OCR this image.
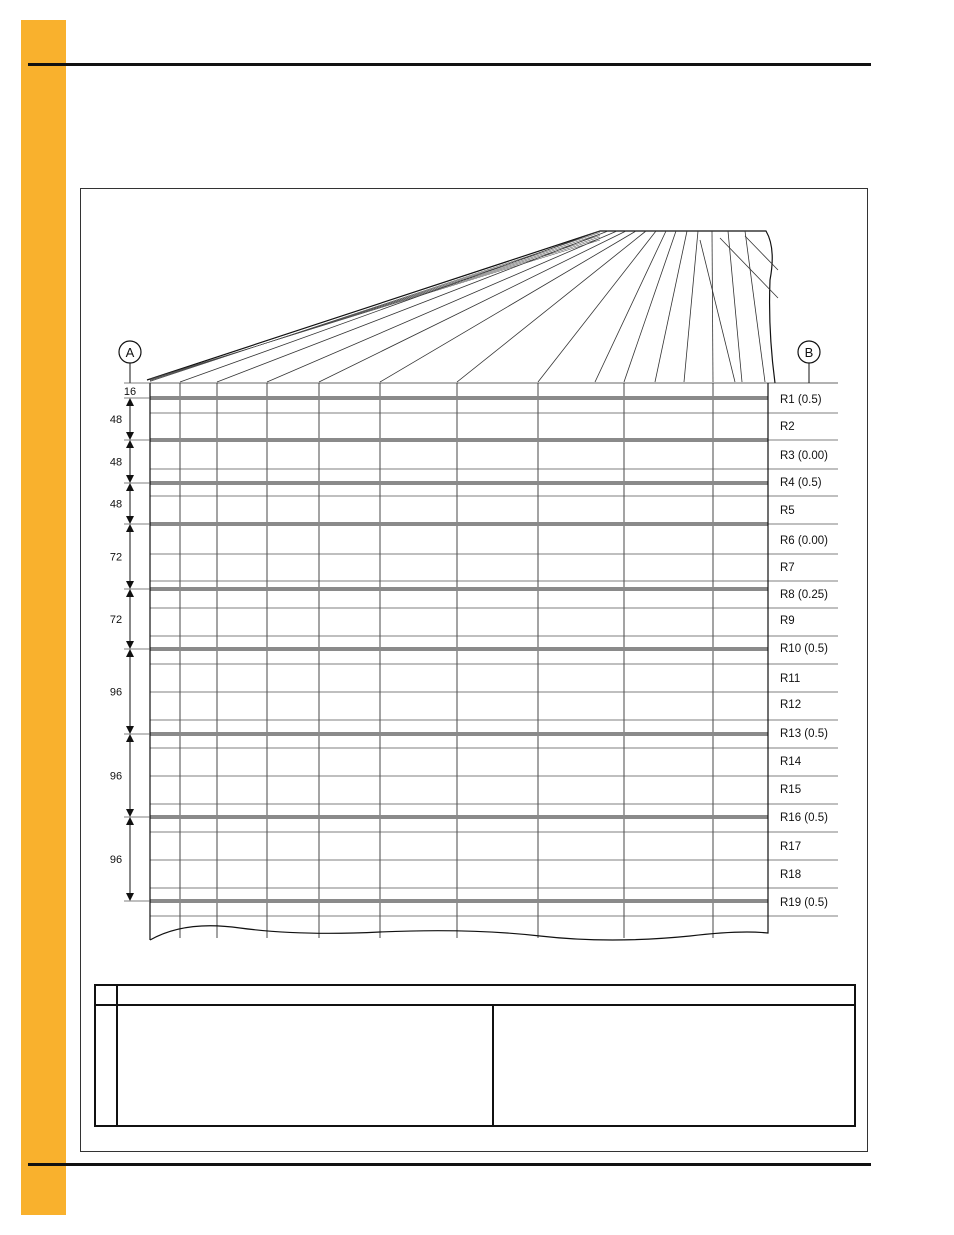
A	B
16
48
48
48
72
72
96
96
96
R1 (0.5)
R2
R3 (0.00)
R4 (0.5)
R5
R6 (0.00)
R7
R8 (0.25)
R9
R10 (0.5)
R11
R12
R13 (0.5)
R14
R15
R16 (0.5)
R17
R18
R19 (0.5)
